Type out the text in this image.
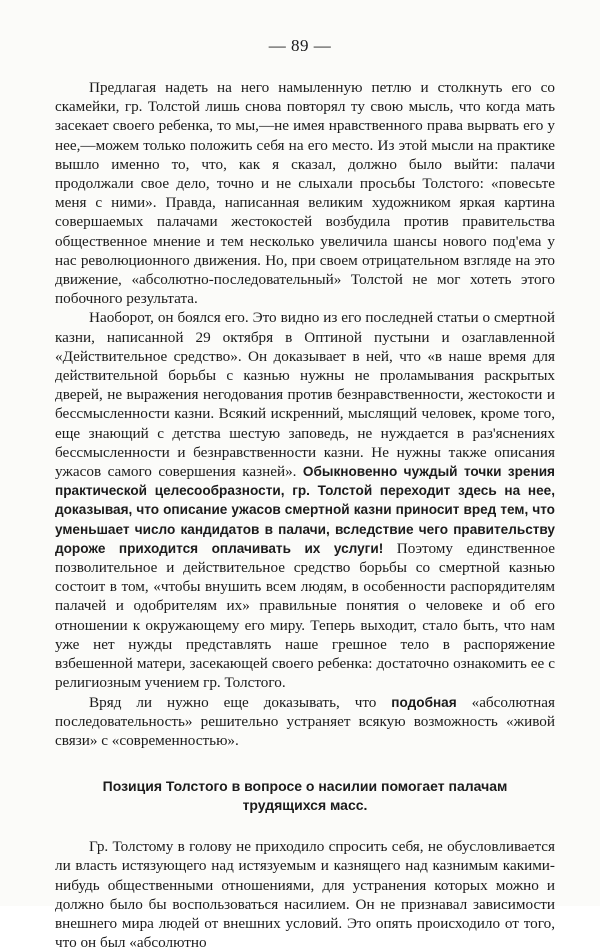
— 89 —

Предлагая надеть на него намыленную петлю и столкнуть его со скамейки, гр. Толстой лишь снова повторял ту свою мысль, что когда мать засекает своего ребенка, то мы,—не имея нравственного права вырвать его у нее,—можем только положить себя на его место. Из этой мысли на практике вышло именно то, что, как я сказал, должно было выйти: палачи продолжали свое дело, точно и не слыхали просьбы Толстого: «повесьте меня с ними». Правда, написанная великим художником яркая картина совершаемых палачами жестокостей возбудила против правительства общественное мнение и тем несколько увеличила шансы нового под'ема у нас революционного движения. Но, при своем отрицательном взгляде на это движение, «абсолютно-последовательный» Толстой не мог хотеть этого побочного результата.

Наоборот, он боялся его. Это видно из его последней статьи о смертной казни, написанной 29 октября в Оптиной пустыни и озаглавленной «Действительное средство». Он доказывает в ней, что «в наше время для действительной борьбы с казнью нужны не проламывания раскрытых дверей, не выражения негодования против безнравственности, жестокости и бессмысленности казни. Всякий искренний, мыслящий человек, кроме того, еще знающий с детства шестую заповедь, не нуждается в раз'яснениях бессмысленности и безнравственности казни. Не нужны также описания ужасов самого совершения казней». Обыкновенно чуждый точки зрения практической целесообразности, гр. Толстой переходит здесь на нее, доказывая, что описание ужасов смертной казни приносит вред тем, что уменьшает число кандидатов в палачи, вследствие чего правительству дороже приходится оплачивать их услуги! Поэтому единственное позволительное и действительное средство борьбы со смертной казнью состоит в том, «чтобы внушить всем людям, в особенности распорядителям палачей и одобрителям их» правильные понятия о человеке и об его отношении к окружающему его миру. Теперь выходит, стало быть, что нам уже нет нужды представлять наше грешное тело в распоряжение взбешенной матери, засекающей своего ребенка: достаточно ознакомить ее с религиозным учением гр. Толстого.

Вряд ли нужно еще доказывать, что подобная «абсолютная последовательность» решительно устраняет всякую возможность «живой связи» с «современностью».

Позиция Толстого в вопросе о насилии помогает палачам трудящихся масс.

Гр. Толстому в голову не приходило спросить себя, не обусловливается ли власть истязующего над истязуемым и казнящего над казнимым какими-нибудь общественными отношениями, для устранения которых можно и должно было бы воспользоваться насилием. Он не признавал зависимости внешнего мира людей от внешних условий. Это опять происходило от того, что он был «абсолютно
